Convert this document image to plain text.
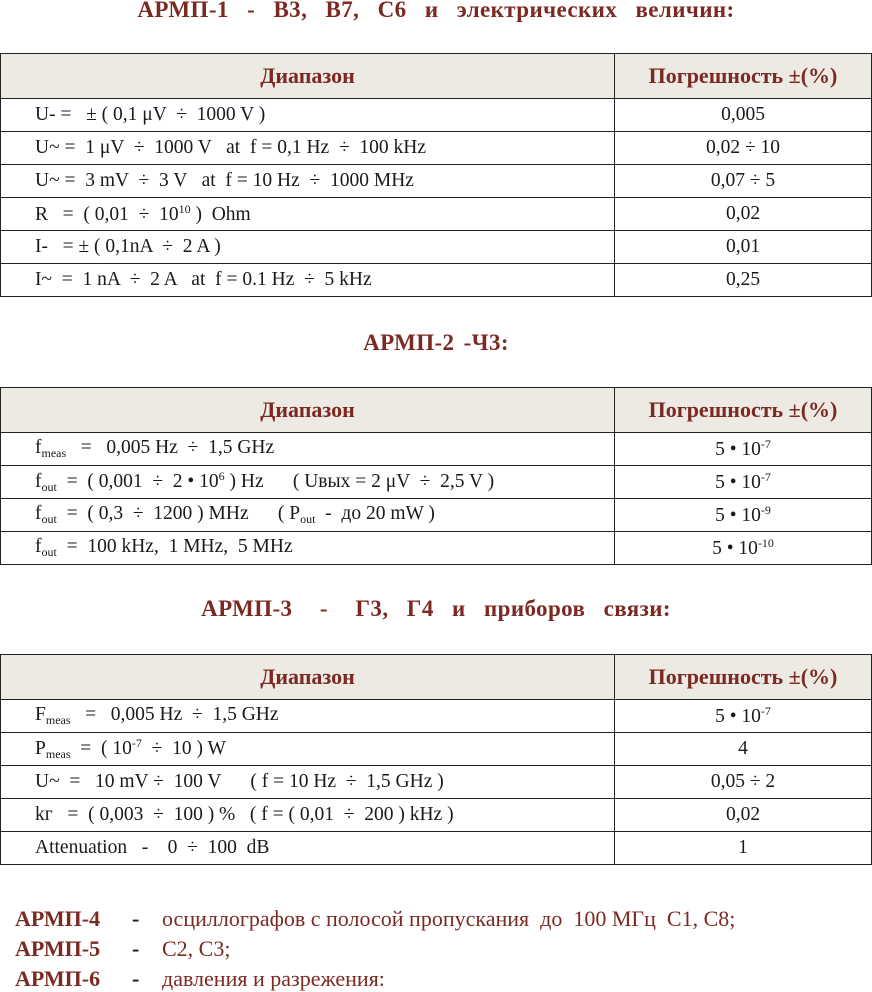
АРМП-1  -  В3,  В7,  С6  и  электрических  величин:
Диапазон	Погрешность ±(%)
U- =   ± ( 0,1 μV  ÷  1000 V )	0,005
U~ =  1 μV  ÷  1000 V   at  f = 0,1 Hz  ÷  100 kHz	0,02 ÷ 10
U~ =  3 mV  ÷  3 V   at  f = 10 Hz  ÷  1000 MHz	0,07 ÷ 5
R   =  ( $0,01 \div 10^{10}$ )  Ohm	0,02
I-   = ± ( 0,1nA  ÷  2 A )	0,01
I~  =  1 nA  ÷  2 A   at  f = 0.1 Hz  ÷  5 kHz	0,25
АРМП-2 -Ч3:
Диапазон	Погрешность ±(%)
$f_{meas} = 0,005$ Hz  ÷  1,5 GHz	5 • $10^{-7}$
$f_{out}$  =  ( 0,001  ÷  2 • $10^6$ ) Hz      ( Uвых = 2 μV  ÷  2,5 V )	5 • $10^{-7}$
$f_{out}$  =  ( 0,3  ÷  1200 ) MHz      ( $P_{out}$  -  до 20 mW )	5 • $10^{-9}$
$f_{out} = 100$ kHz,  1 MHz,  5 MHz	5 • $10^{-10}$
АРМП-3   -   Г3,  Г4  и  приборов  связи:
Диапазон	Погрешность ±(%)
$F_{meas} = 0,005$ Hz  ÷  1,5 GHz	5 • $10^{-7}$
$P_{meas}$  =  ( $10^{-7} \div 10$ ) W	4
U~  =   10 mV ÷  100 V      ( f = 10 Hz  ÷  1,5 GHz )	0,05 ÷ 2
kг   =  ( 0,003  ÷  100 ) %   ( f = ( 0,01  ÷  200 ) kHz )	0,02
Attenuation   -    0  ÷  100  dB	1

АРМП-4 - осциллографов с полосой пропускания  до  100 МГц  С1, С8;

АРМП-5 - С2, С3;

АРМП-6 - давления и разрежения:
